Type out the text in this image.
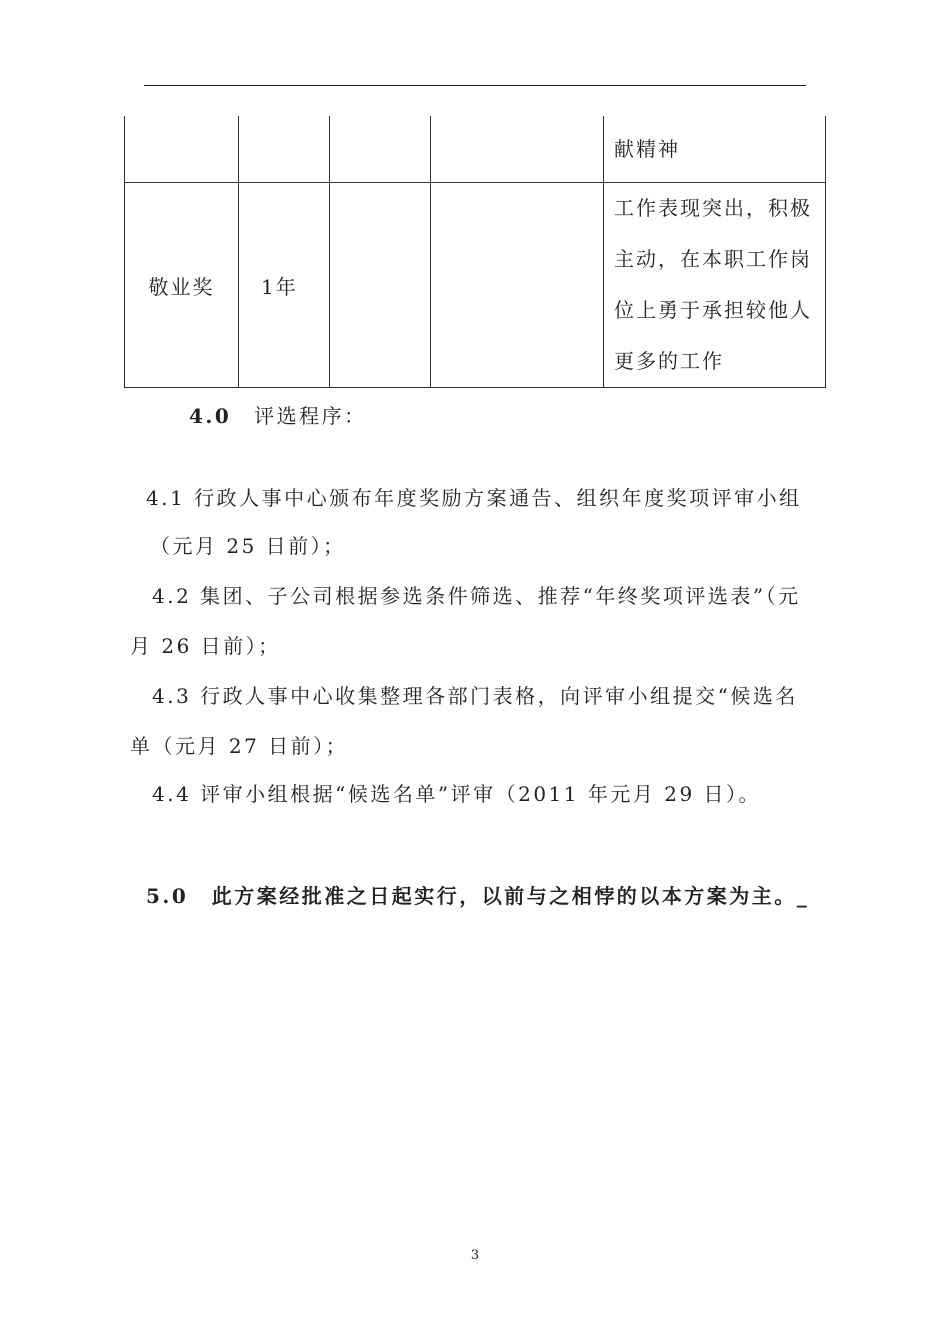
				献精神
敬业奖	1年			工作表现突出，积极
主动，在本职工作岗
位上勇于承担较他人
更多的工作
4.0 评选程序：
4.1 行政人事中心颁布年度奖励方案通告、组织年度奖项评审小组
（元月 25 日前）；
4.2 集团、子公司根据参选条件筛选、推荐“年终奖项评选表”（元
月 26 日前）；
4.3 行政人事中心收集整理各部门表格，向评审小组提交“候选名
单（元月 27 日前）；
4.4 评审小组根据“候选名单”评审（2011 年元月 29 日）。
5.0 此方案经批准之日起实行，以前与之相悖的以本方案为主。_
3
